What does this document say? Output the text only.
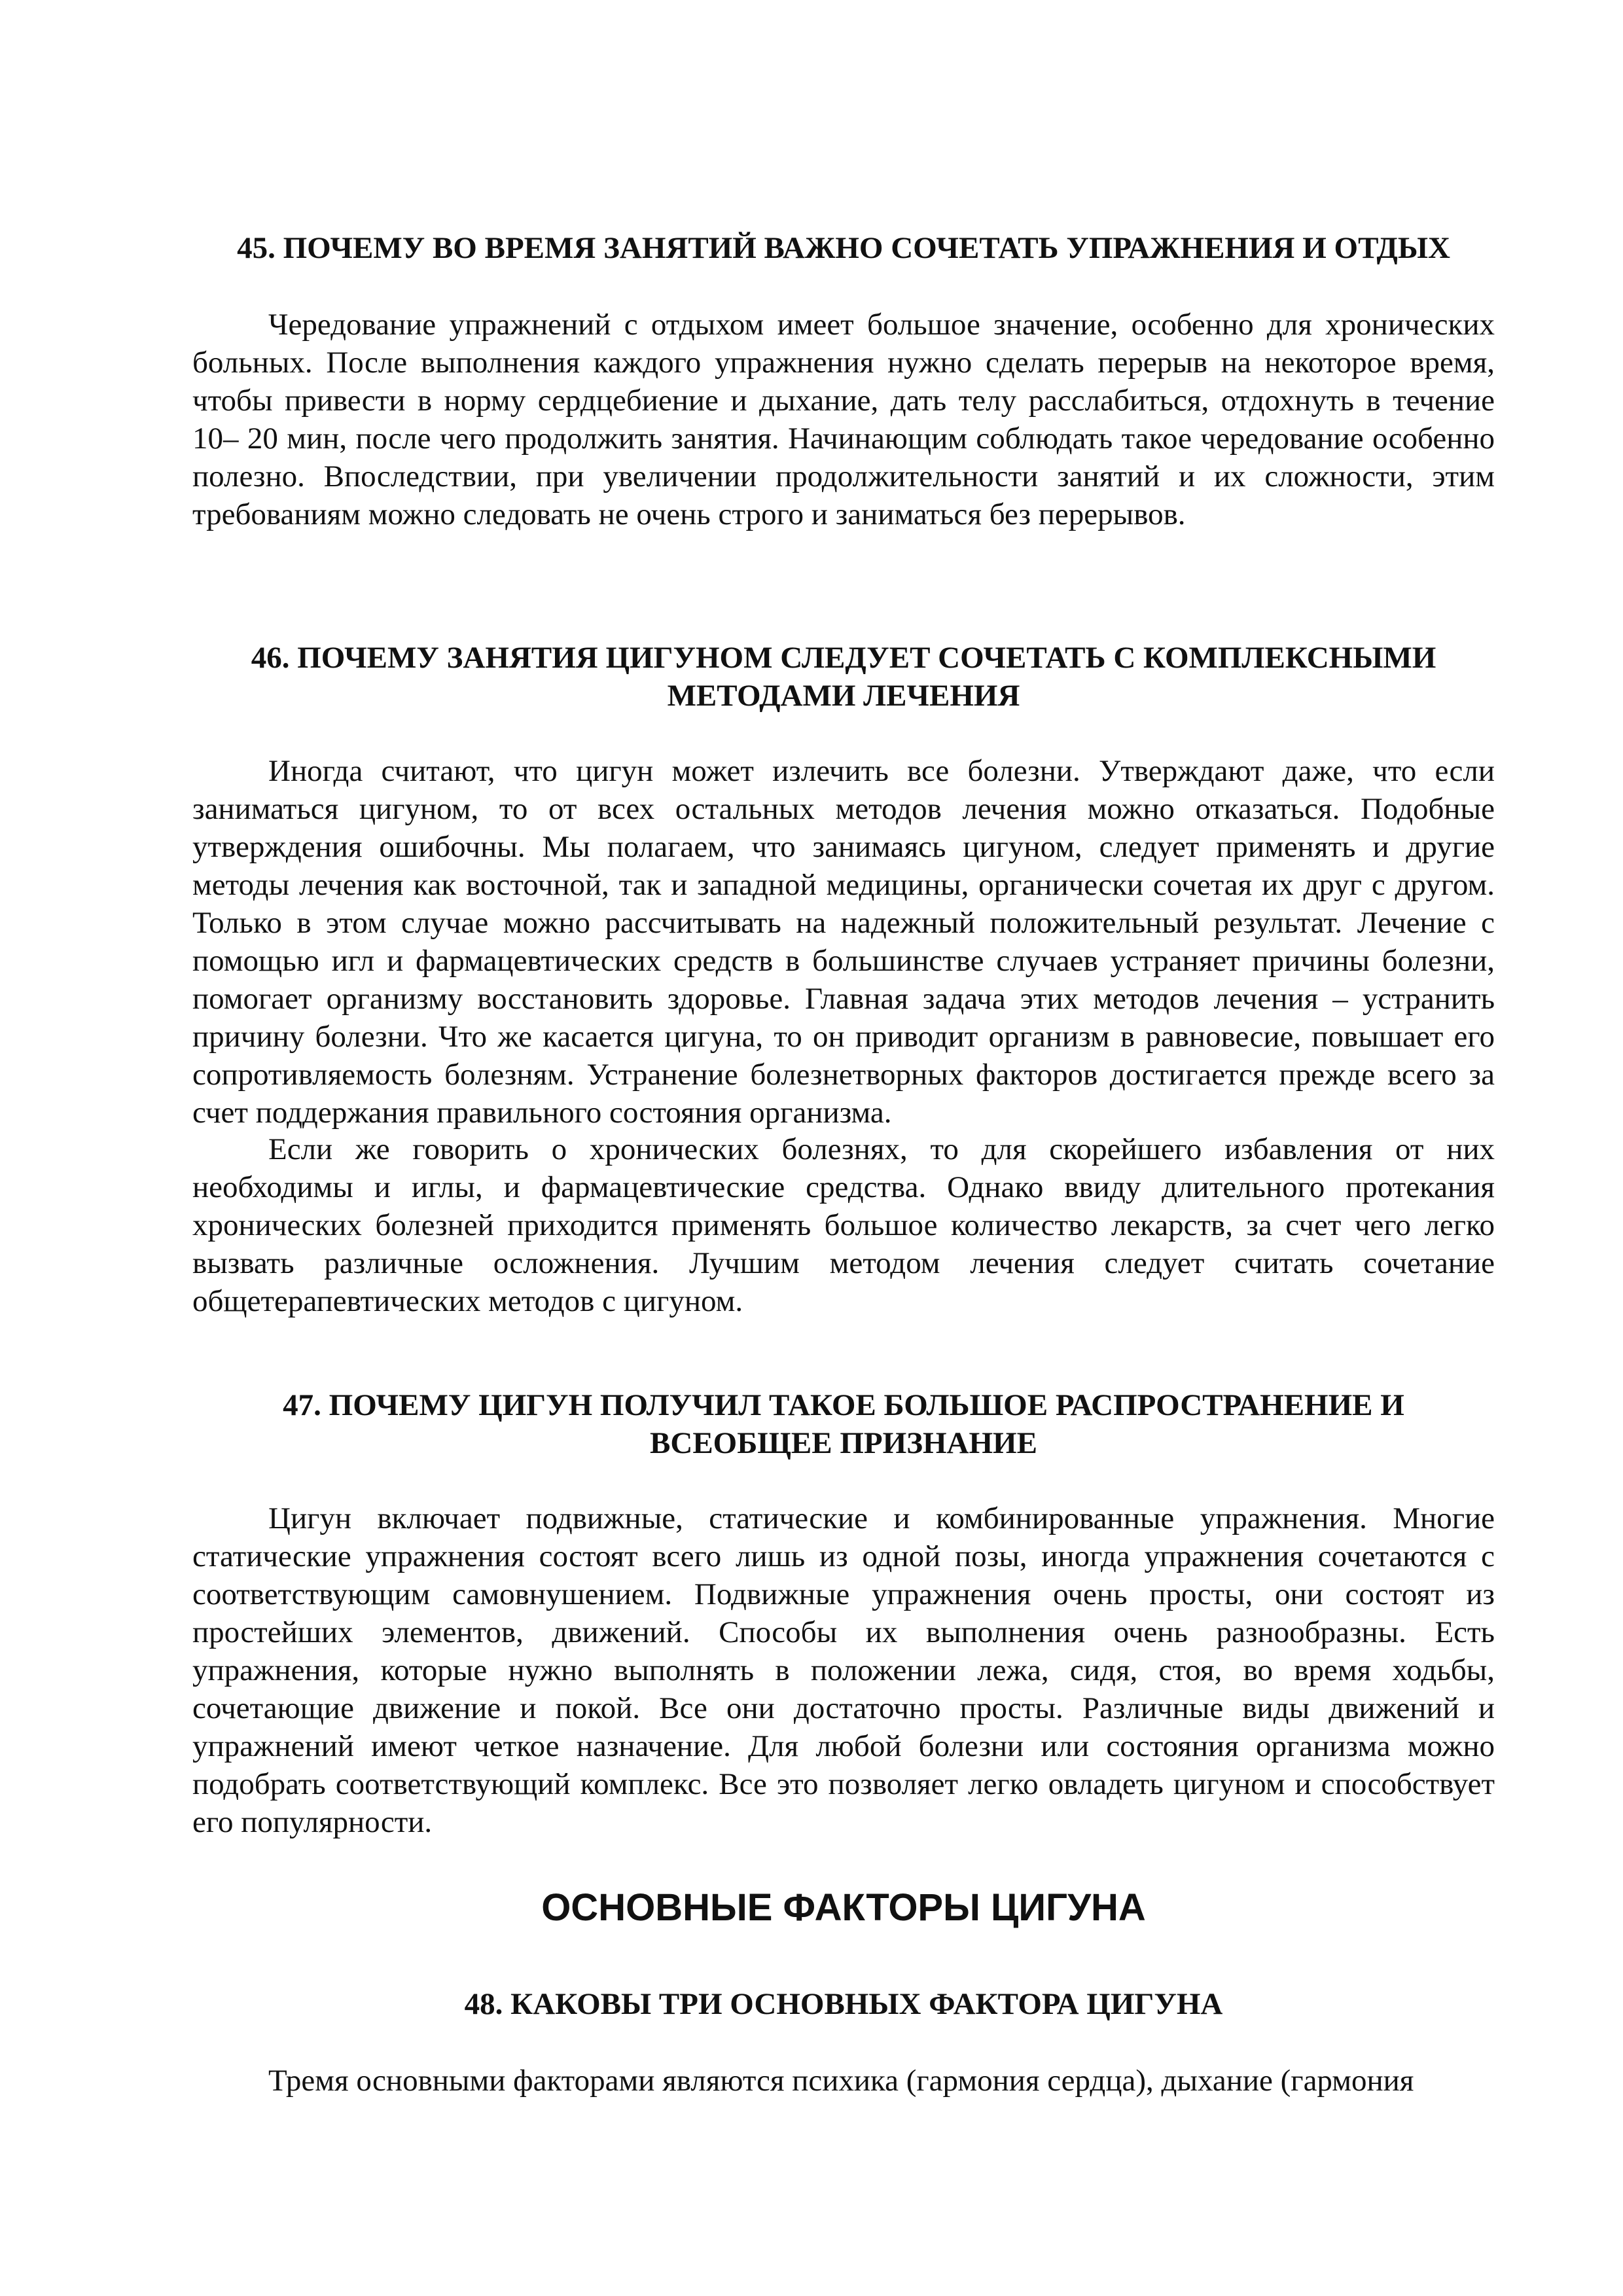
45. ПОЧЕМУ ВО ВРЕМЯ ЗАНЯТИЙ ВАЖНО СОЧЕТАТЬ УПРАЖНЕНИЯ И ОТДЫХ

Чередование упражнений с отдыхом имеет большое значение, особенно для хронических больных. После выполнения каждого упражнения нужно сделать перерыв на некоторое время, чтобы привести в норму сердцебиение и дыхание, дать телу расслабиться, отдохнуть в течение 10– 20 мин, после чего продолжить занятия. Начинающим соблюдать такое чередование особенно полезно. Впоследствии, при увеличении продолжительности занятий и их сложности, этим требованиям можно следовать не очень строго и заниматься без перерывов.

46. ПОЧЕМУ ЗАНЯТИЯ ЦИГУНОМ СЛЕДУЕТ СОЧЕТАТЬ С КОМПЛЕКСНЫМИ
МЕТОДАМИ ЛЕЧЕНИЯ

Иногда считают, что цигун может излечить все болезни. Утверждают даже, что если заниматься цигуном, то от всех остальных методов лечения можно отказаться. Подобные утверждения ошибочны. Мы полагаем, что занимаясь цигуном, следует применять и другие методы лечения как восточной, так и западной медицины, органически сочетая их друг с другом. Только в этом случае можно рассчитывать на надежный положительный результат. Лечение с помощью игл и фармацевтических средств в большинстве случаев устраняет причины болезни, помогает организму восстановить здоровье. Главная задача этих методов лечения – устранить причину болезни. Что же касается цигуна, то он приводит организм в равновесие, повышает его сопротивляемость болезням. Устранение болезнетворных факторов достигается прежде всего за счет поддержания правильного состояния организма.

Если же говорить о хронических болезнях, то для скорейшего избавления от них необходимы и иглы, и фармацевтические средства. Однако ввиду длительного протекания хронических болезней приходится применять большое количество лекарств, за счет чего легко вызвать различные осложнения. Лучшим методом лечения следует считать сочетание общетерапевтических методов с цигуном.

47. ПОЧЕМУ ЦИГУН ПОЛУЧИЛ ТАКОЕ БОЛЬШОЕ РАСПРОСТРАНЕНИЕ И
ВСЕОБЩЕЕ ПРИЗНАНИЕ

Цигун включает подвижные, статические и комбинированные упражнения. Многие статические упражнения состоят всего лишь из одной позы, иногда упражнения сочетаются с соответствующим самовнушением. Подвижные упражнения очень просты, они состоят из простейших элементов, движений. Способы их выполнения очень разнообразны. Есть упражнения, которые нужно выполнять в положении лежа, сидя, стоя, во время ходьбы, сочетающие движение и покой. Все они достаточно просты. Различные виды движений и упражнений имеют четкое назначение. Для любой болезни или состояния организма можно подобрать соответствующий комплекс. Все это позволяет легко овладеть цигуном и способствует его популярности.

ОСНОВНЫЕ ФАКТОРЫ ЦИГУНА
48. КАКОВЫ ТРИ ОСНОВНЫХ ФАКТОРА ЦИГУНА

Тремя основными факторами являются психика (гармония сердца), дыхание (гармония
